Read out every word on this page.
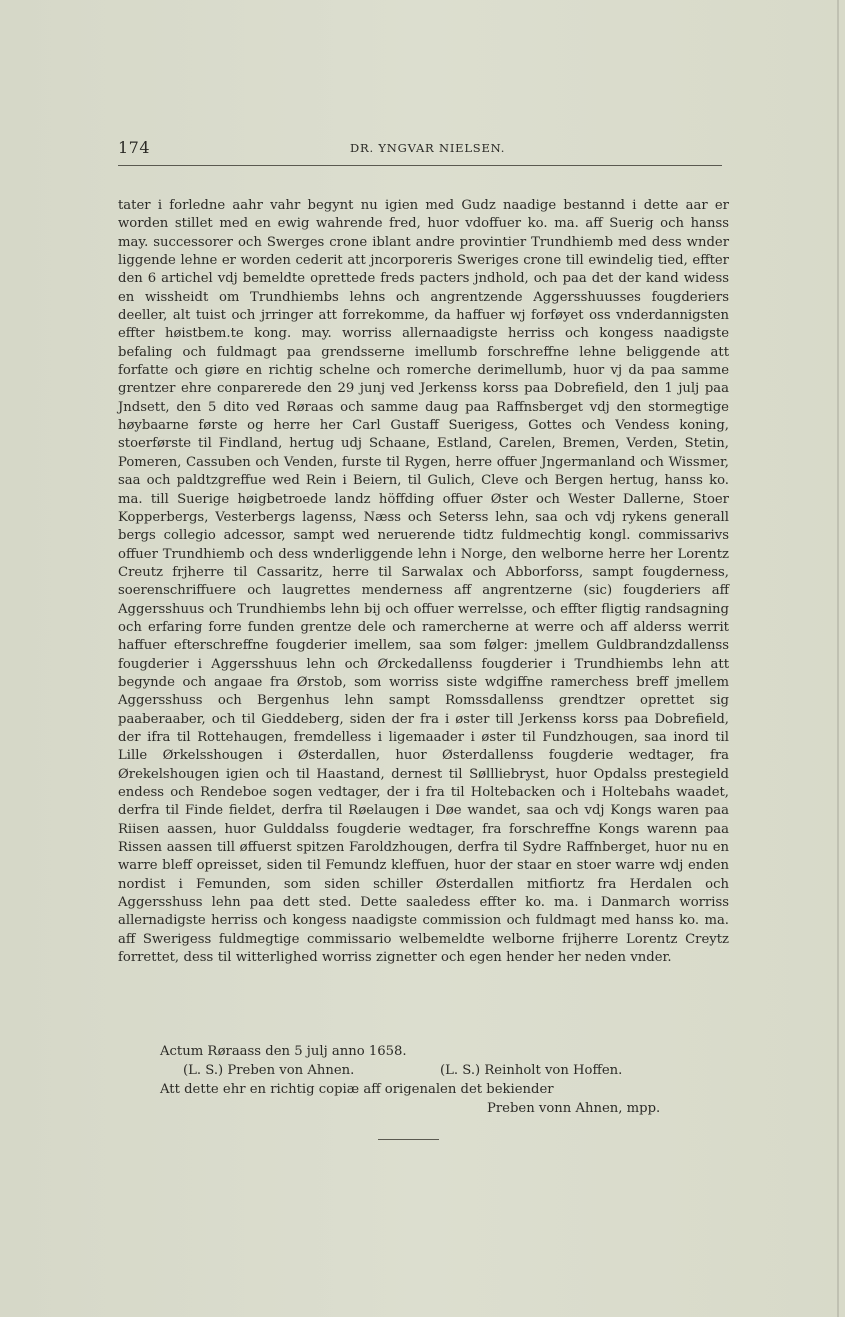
174	DR. YNGVAR NIELSEN.

tater i forledne aahr vahr begynt nu igien med Gudz naadige bestannd i dette aar er worden stillet med en ewig wahrende fred, huor vdoffuer ko. ma. aff Suerig och hanss may. successorer och Swerges crone iblant andre provintier Trundhiemb med dess wnder liggende lehne er worden cederit att jncorporeris Sweriges crone till ewindelig tied, effter den 6 artichel vdj bemeldte oprettede freds pacters jndhold, och paa det der kand widess en wissheidt om Trundhiembs lehns och angrentzende Aggersshuusses fougderiers deeller, alt tuist och jrringer att forrekomme, da haffuer wj forføyet oss vnderdannigsten effter høistbem.te kong. may. worriss allernaadigste herriss och kongess naadigste befaling och fuldmagt paa grendsserne imellumb forschreffne lehne beliggende att forfatte och giøre en richtig schelne och romerche derimellumb, huor vj da paa samme grentzer ehre conparerede den 29 junj ved Jerkenss korss paa Dobrefield, den 1 julj paa Jndsett, den 5 dito ved Røraas och samme daug paa Raffnsberget vdj den stormegtige høybaarne første og herre her Carl Gustaff Suerigess, Gottes och Vendess koning, stoerførste til Findland, hertug udj Schaane, Estland, Carelen, Bremen, Verden, Stetin, Pomeren, Cassuben och Venden, furste til Rygen, herre offuer Jngermanland och Wissmer, saa och paldtzgreffue wed Rein i Beiern, til Gulich, Cleve och Bergen hertug, hanss ko. ma. till Suerige høigbetroede landz höffding offuer Øster och Wester Dallerne, Stoer Kopperbergs, Vesterbergs lagenss, Næss och Seterss lehn, saa och vdj rykens generall bergs collegio adcessor, sampt wed neruerende tidtz fuldmechtig kongl. commissarivs offuer Trundhiemb och dess wnderliggende lehn i Norge, den welborne herre her Lorentz Creutz frjherre til Cassaritz, herre til Sarwalax och Abborforss, sampt fougderness, soerenschriffuere och laugrettes menderness aff angrentzerne (sic) fougderiers aff Aggersshuus och Trundhiembs lehn bij och offuer werrelsse, och effter fligtig randsagning och erfaring forre funden grentze dele och ramercherne at werre och aff alderss werrit haffuer efterschreffne fougderier imellem, saa som følger: jmellem Guldbrandzdallenss fougderier i Aggersshuus lehn och Ørckedallenss fougderier i Trundhiembs lehn att begynde och angaae fra Ørstob, som worriss siste wdgiffne ramerchess breff jmellem Aggersshuss och Bergenhus lehn sampt Romssdallenss grendtzer oprettet sig paaberaaber, och til Gieddeberg, siden der fra i øster till Jerkenss korss paa Dobrefield, der ifra til Rottehaugen, fremdelless i ligemaader i øster til Fundzhougen, saa inord til Lille Ørkelsshougen i Østerdallen, huor Østerdallenss fougderie wedtager, fra Ørekelshougen igien och til Haastand, dernest til Søllliebryst, huor Opdalss prestegield endess och Rendeboe sogen vedtager, der i fra til Holtebacken och i Holtebahs waadet, derfra til Finde fieldet, derfra til Røelaugen i Døe wandet, saa och vdj Kongs waren paa Riisen aassen, huor Gulddalss fougderie wedtager, fra forschreffne Kongs warenn paa Rissen aassen till øffuerst spitzen Faroldzhougen, derfra til Sydre Raffnberget, huor nu en warre bleff opreisset, siden til Femundz kleffuen, huor der staar en stoer warre wdj enden nordist i Femunden, som siden schiller Østerdallen mitfiortz fra Herdalen och Aggersshuss lehn paa dett sted. Dette saaledess effter ko. ma. i Danmarch worriss allernadigste herriss och kongess naadigste commission och fuldmagt med hanss ko. ma. aff Swerigess fuldmegtige commissario welbemeldte welborne frijherre Lorentz Creytz forrettet, dess til witterlighed worriss zignetter och egen hender her neden vnder.

Actum Røraass den 5 julj anno 1658.
(L. S.) Preben von Ahnen.	(L. S.) Reinholt von Hoffen.
Att dette ehr en richtig copiæ aff origenalen det bekiender
Preben vonn Ahnen, mpp.
